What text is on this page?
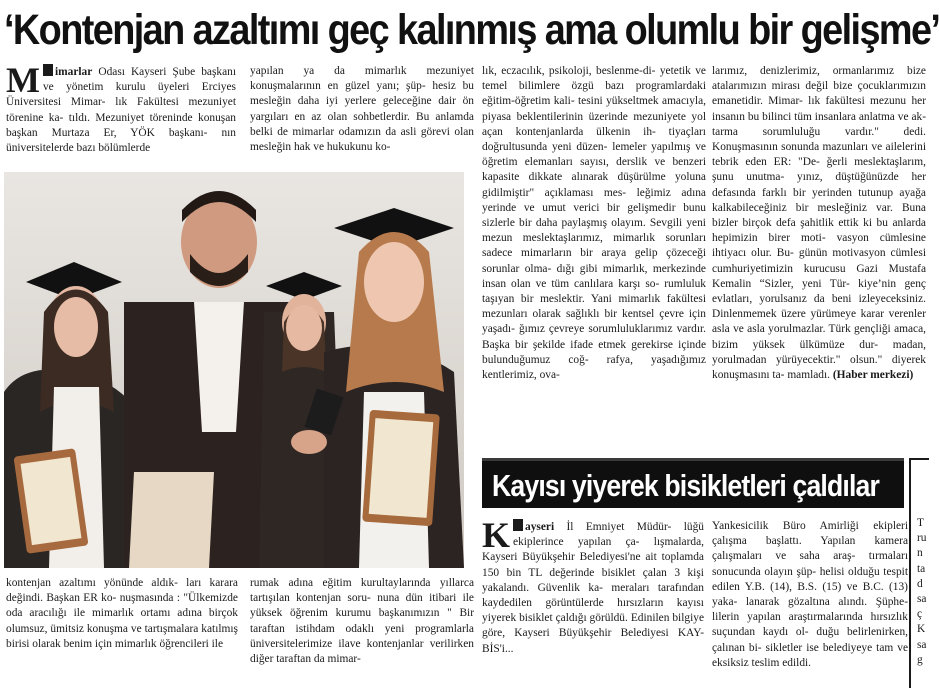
‘Kontenjan azaltımı geç kalınmış ama olumlu bir gelişme’
M imarlar Odası Kayseri Şube başkanı ve yönetim kurulu üyeleri Erciyes Üniversitesi Mimar- lık Fakültesi mezuniyet törenine ka- tıldı. Mezuniyet töreninde konuşan başkan Murtaza Er, YÖK başkanı- nın üniversitelerde bazı bölümlerde
yapılan ya da mimarlık mezuniyet konuşmalarının en güzel yanı; şüp- hesiz bu mesleğin daha iyi yerlere geleceğine dair ön yargıları en az olan sohbetlerdir. Bu anlamda belki de mimarlar odamızın da asli görevi olan mesleğin hak ve hukukunu ko-
lık, eczacılık, psikoloji, beslenme-di- yetetik ve temel bilimlere özgü bazı programlardaki eğitim-öğretim kali- tesini yükseltmek amacıyla, piyasa beklentilerinin üzerinde mezuniyete yol açan kontenjanlarda ülkenin ih- tiyaçları doğrultusunda yeni düzen- lemeler yapılmış ve öğretim elemanları sayısı, derslik ve benzeri kapasite dikkate alınarak düşürülme yoluna gidilmiştir" açıklaması mes- leğimiz adına yerinde ve umut verici bir gelişmedir bunu sizlerle bir daha paylaşmış olayım. Sevgili yeni mezun meslektaşlarımız, mimarlık sorunları sadece mimarların bir araya gelip çözeceği sorunlar olma- dığı gibi mimarlık, merkezinde insan olan ve tüm canlılara karşı so- rumluluk taşıyan bir meslektir. Yani mimarlık fakültesi mezunları olarak sağlıklı bir kentsel çevre için yaşadı- ğımız çevreye sorumluluklarımız vardır. Başka bir şekilde ifade etmek gerekirse içinde bulunduğumuz coğ- rafya, yaşadığımız kentlerimiz, ova-
larımız, denizlerimiz, ormanlarımız bize atalarımızın mirası değil bize çocuklarımızın emanetidir. Mimar- lık fakültesi mezunu her insanın bu bilinci tüm insanlara anlatma ve ak- tarma sorumluluğu vardır." dedi. Konuşmasının sonunda mazunları ve ailelerini tebrik eden ER: "De- ğerli meslektaşlarım, şunu unutma- yınız, düştüğünüzde her defasında farklı bir yerinden tutunup ayağa kalkabileceğiniz bir mesleğiniz var. Buna bizler birçok defa şahitlik ettik ki bu anlarda hepimizin birer moti- vasyon cümlesine ihtiyacı olur. Bu- günün motivasyon cümlesi cumhuriyetimizin kurucusu Gazi Mustafa Kemalin “Sizler, yeni Tür- kiye’nin genç evlatları, yorulsanız da beni izleyeceksiniz. Dinlenmemek üzere yürümeye karar verenler asla ve asla yorulmazlar. Türk gençliği amaca, bizim yüksek ülkümüze dur- madan, yorulmadan yürüyecektir." olsun." diyerek konuşmasını ta- mamladı. (Haber merkezi)
kontenjan azaltımı yönünde aldık- ları karara değindi. Başkan ER ko- nuşmasında : "Ülkemizde oda aracılığı ile mimarlık ortamı adına birçok olumsuz, ümitsiz konuşma ve tartışmalara katılmış birisi olarak benim için mimarlık öğrencileri ile
rumak adına eğitim kurultaylarında yıllarca tartışılan kontenjan soru- nuna dün itibari ile yüksek öğrenim kurumu başkanımızın " Bir taraftan istihdam odaklı yeni programlarla üniversitelerimize ilave kontenjanlar verilirken diğer taraftan da mimar-
Kayısı yiyerek bisikletleri çaldılar
K ayseri İl Emniyet Müdür- lüğü ekiplerince yapılan ça- lışmalarda, Kayseri Büyükşehir Belediyesi'ne ait toplamda 150 bin TL değerinde bisiklet çalan 3 kişi yakalandı. Güvenlik ka- meraları tarafından kaydedilen görüntülerde hırsızların kayısı yiyerek bisiklet çaldığı görüldü. Edinilen bilgiye göre, Kayseri Büyükşehir Belediyesi KAY- BİS'i...
Yankesicilik Büro Amirliği ekipleri çalışma başlattı. Yapılan kamera çalışmaları ve saha araş- tırmaları sonucunda olayın şüp- helisi olduğu tespit edilen Y.B. (14), B.S. (15) ve B.C. (13) yaka- lanarak gözaltına alındı. Şüphe- lilerin yapılan araştırmalarında hırsızlık suçundan kaydı ol- duğu belirlenirken, çalınan bi- sikletler ise belediyeye tam ve eksiksiz teslim edildi.
T
ru
n
ta
d
sa
ç
K
sa
g
